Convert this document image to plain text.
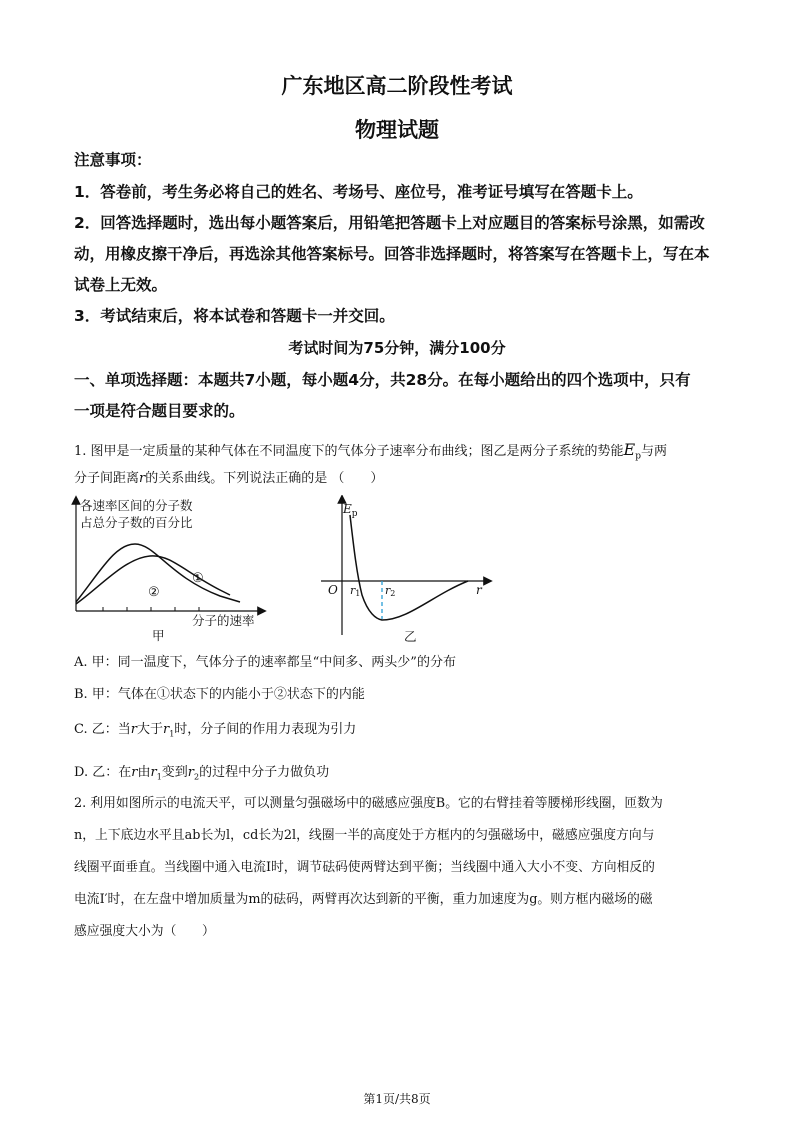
广东地区高二阶段性考试
物理试题
注意事项：
1．答卷前，考生务必将自己的姓名、考场号、座位号，准考证号填写在答题卡上。
2．回答选择题时，选出每小题答案后，用铅笔把答题卡上对应题目的答案标号涂黑，如需改
动，用橡皮擦干净后，再选涂其他答案标号。回答非选择题时，将答案写在答题卡上，写在本
试卷上无效。
3．考试结束后，将本试卷和答题卡一并交回。
考试时间为75分钟，满分100分
一、单项选择题：本题共7小题，每小题4分，共28分。在每小题给出的四个选项中，只有
一项是符合题目要求的。
1. 图甲是一定质量的某种气体在不同温度下的气体分子速率分布曲线；图乙是两分子系统的势能$E_p$与两
分子间距离r的关系曲线。下列说法正确的是 （　　）
各速率区间的分子数
占总分子数的百分比
①
②
分子的速率
甲
$E_p$
O r1 r2	r
乙
A. 甲：同一温度下，气体分子的速率都呈“中间多、两头少”的分布
B. 甲：气体在①状态下的内能小于②状态下的内能
C. 乙：当r大于$r_1$时，分子间的作用力表现为引力
D. 乙：在r由$r_1$变到$r_2$的过程中分子力做负功
2. 利用如图所示的电流天平，可以测量匀强磁场中的磁感应强度B。它的右臂挂着等腰梯形线圈，匝数为
n，上下底边水平且ab长为l，cd长为2l，线圈一半的高度处于方框内的匀强磁场中，磁感应强度方向与
线圈平面垂直。当线圈中通入电流I时，调节砝码使两臂达到平衡；当线圈中通入大小不变、方向相反的
电流I′时，在左盘中增加质量为m的砝码，两臂再次达到新的平衡，重力加速度为g。则方框内磁场的磁
感应强度大小为（　　）
第1页/共8页
